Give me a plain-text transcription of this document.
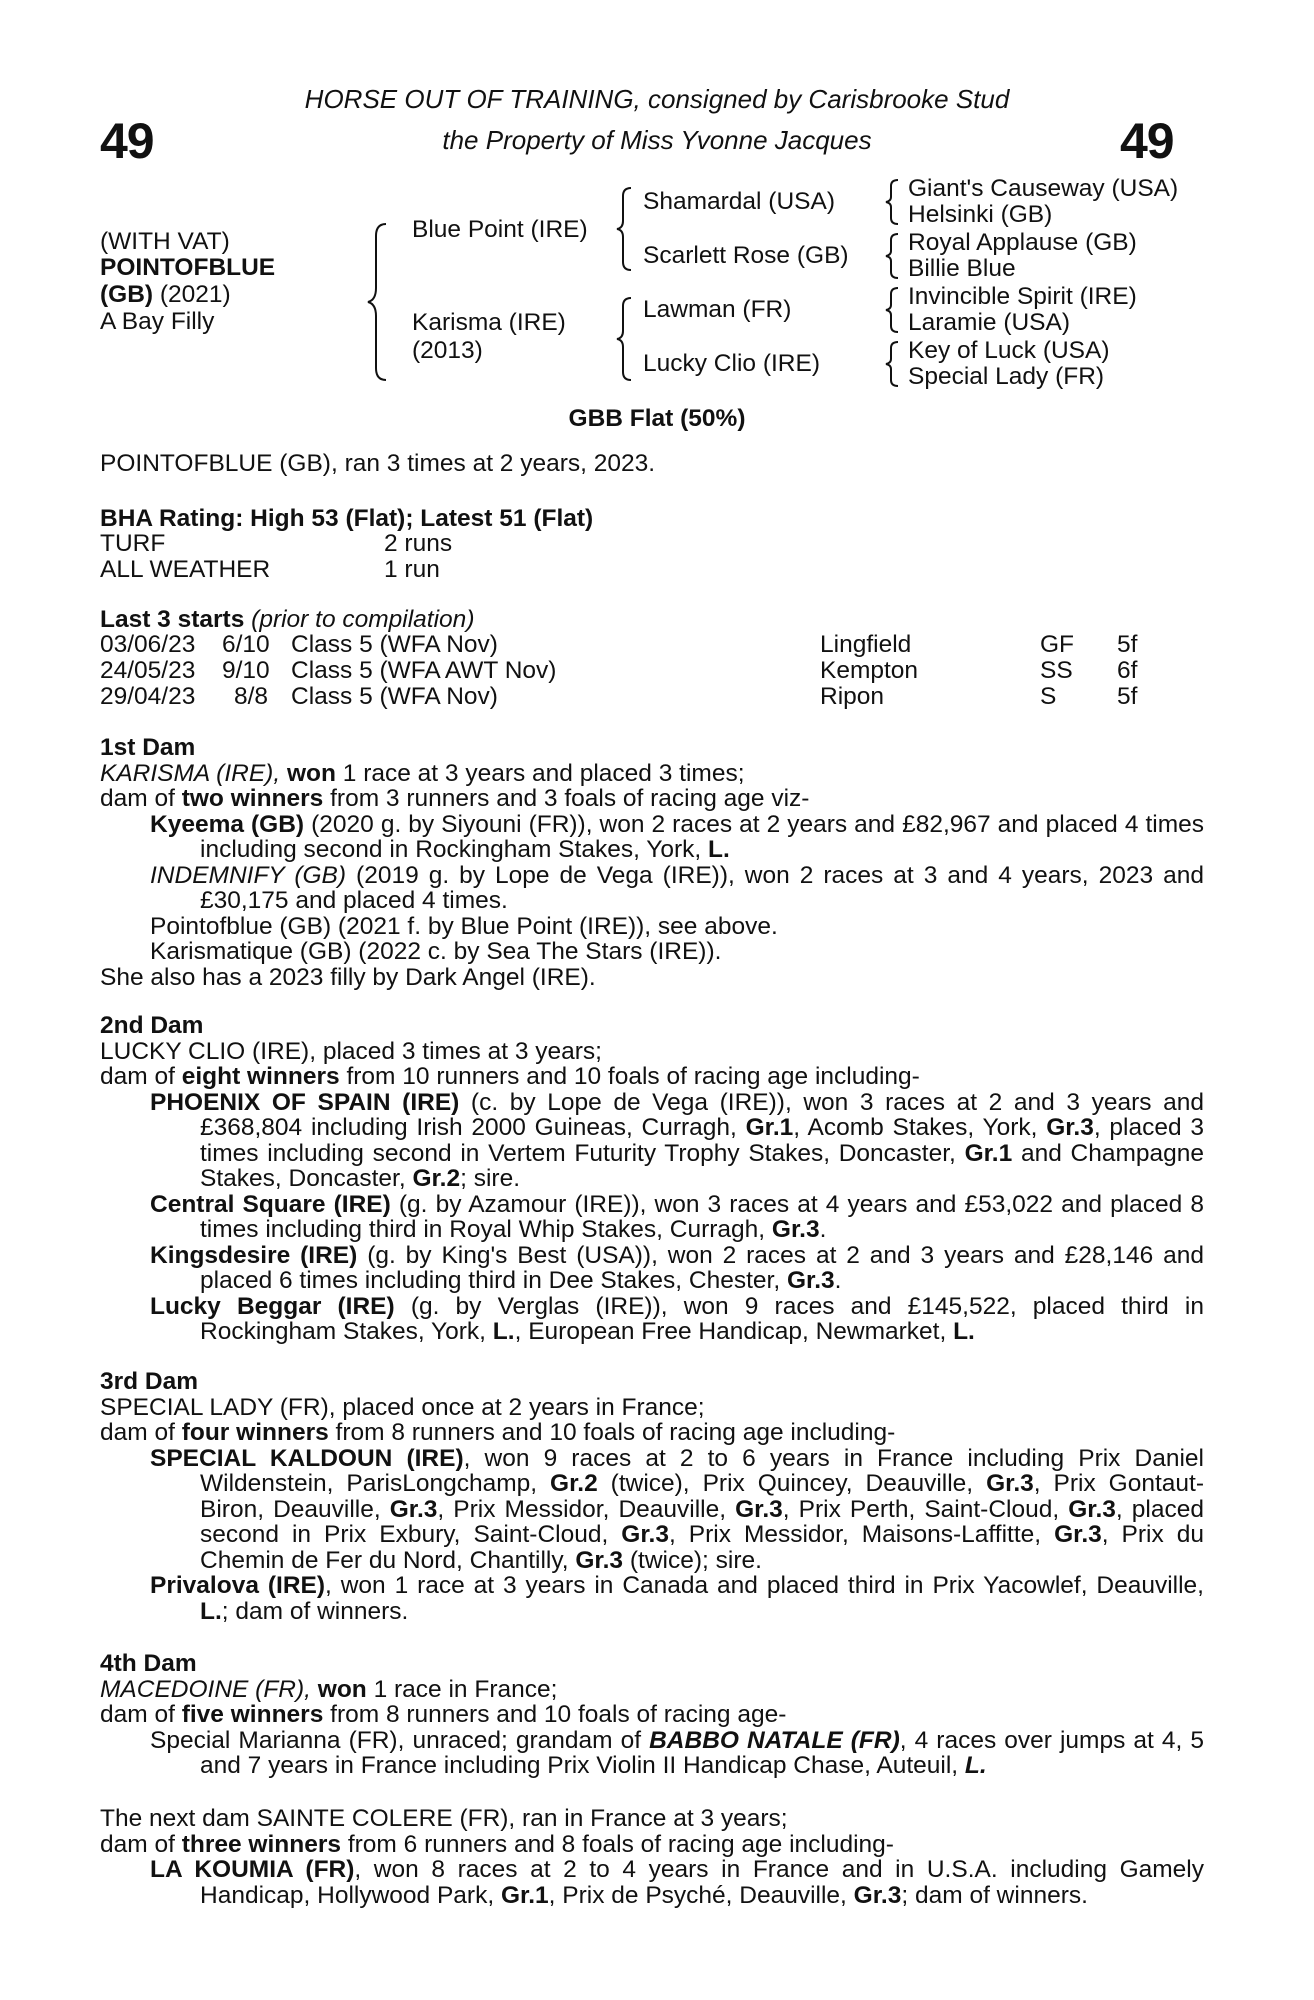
49	49
HORSE OUT OF TRAINING, consigned by Carisbrooke Stud
the Property of Miss Yvonne Jacques
(WITH VAT)
POINTOFBLUE
(GB) (2021)
A Bay Filly
Blue Point (IRE)
Karisma (IRE)
(2013)
Shamardal (USA)
Scarlett Rose (GB)
Lawman (FR)
Lucky Clio (IRE)
Giant's Causeway (USA)
Helsinki (GB)
Royal Applause (GB)
Billie Blue
Invincible Spirit (IRE)
Laramie (USA)
Key of Luck (USA)
Special Lady (FR)
GBB Flat (50%)
POINTOFBLUE (GB), ran 3 times at 2 years, 2023.
BHA Rating: High 53 (Flat); Latest 51 (Flat)
TURF	2 runs
ALL WEATHER	1 run
Last 3 starts (prior to compilation)
03/06/23 6/10 Class 5 (WFA Nov)	Lingfield	GF 5f
24/05/23 9/10 Class 5 (WFA AWT Nov)	Kempton	SS 6f
29/04/23 8/8 Class 5 (WFA Nov)	Ripon	S 5f

1st Dam

KARISMA (IRE), won 1 race at 3 years and placed 3 times;

dam of two winners from 3 runners and 3 foals of racing age viz-

Kyeema (GB) (2020 g. by Siyouni (FR)), won 2 races at 2 years and £82,967 and placed 4 times including second in Rockingham Stakes, York, L.

INDEMNIFY (GB) (2019 g. by Lope de Vega (IRE)), won 2 races at 3 and 4 years, 2023 and £30,175 and placed 4 times.

Pointofblue (GB) (2021 f. by Blue Point (IRE)), see above.

Karismatique (GB) (2022 c. by Sea The Stars (IRE)).

She also has a 2023 filly by Dark Angel (IRE).

2nd Dam

LUCKY CLIO (IRE), placed 3 times at 3 years;

dam of eight winners from 10 runners and 10 foals of racing age including-

PHOENIX OF SPAIN (IRE) (c. by Lope de Vega (IRE)), won 3 races at 2 and 3 years and £368,804 including Irish 2000 Guineas, Curragh, Gr.1, Acomb Stakes, York, Gr.3, placed 3 times including second in Vertem Futurity Trophy Stakes, Doncaster, Gr.1 and Champagne Stakes, Doncaster, Gr.2; sire.

Central Square (IRE) (g. by Azamour (IRE)), won 3 races at 4 years and £53,022 and placed 8 times including third in Royal Whip Stakes, Curragh, Gr.3.

Kingsdesire (IRE) (g. by King's Best (USA)), won 2 races at 2 and 3 years and £28,146 and placed 6 times including third in Dee Stakes, Chester, Gr.3.

Lucky Beggar (IRE) (g. by Verglas (IRE)), won 9 races and £145,522, placed third in Rockingham Stakes, York, L., European Free Handicap, Newmarket, L.

3rd Dam

SPECIAL LADY (FR), placed once at 2 years in France;

dam of four winners from 8 runners and 10 foals of racing age including-

SPECIAL KALDOUN (IRE), won 9 races at 2 to 6 years in France including Prix Daniel Wildenstein, ParisLongchamp, Gr.2 (twice), Prix Quincey, Deauville, Gr.3, Prix Gontaut-Biron, Deauville, Gr.3, Prix Messidor, Deauville, Gr.3, Prix Perth, Saint-Cloud, Gr.3, placed second in Prix Exbury, Saint-Cloud, Gr.3, Prix Messidor, Maisons-Laffitte, Gr.3, Prix du Chemin de Fer du Nord, Chantilly, Gr.3 (twice); sire.

Privalova (IRE), won 1 race at 3 years in Canada and placed third in Prix Yacowlef, Deauville, L.; dam of winners.

4th Dam

MACEDOINE (FR), won 1 race in France;

dam of five winners from 8 runners and 10 foals of racing age-

Special Marianna (FR), unraced; grandam of BABBO NATALE (FR), 4 races over jumps at 4, 5 and 7 years in France including Prix Violin II Handicap Chase, Auteuil, L.

The next dam SAINTE COLERE (FR), ran in France at 3 years;

dam of three winners from 6 runners and 8 foals of racing age including-

LA KOUMIA (FR), won 8 races at 2 to 4 years in France and in U.S.A. including Gamely Handicap, Hollywood Park, Gr.1, Prix de Psyché, Deauville, Gr.3; dam of winners.
